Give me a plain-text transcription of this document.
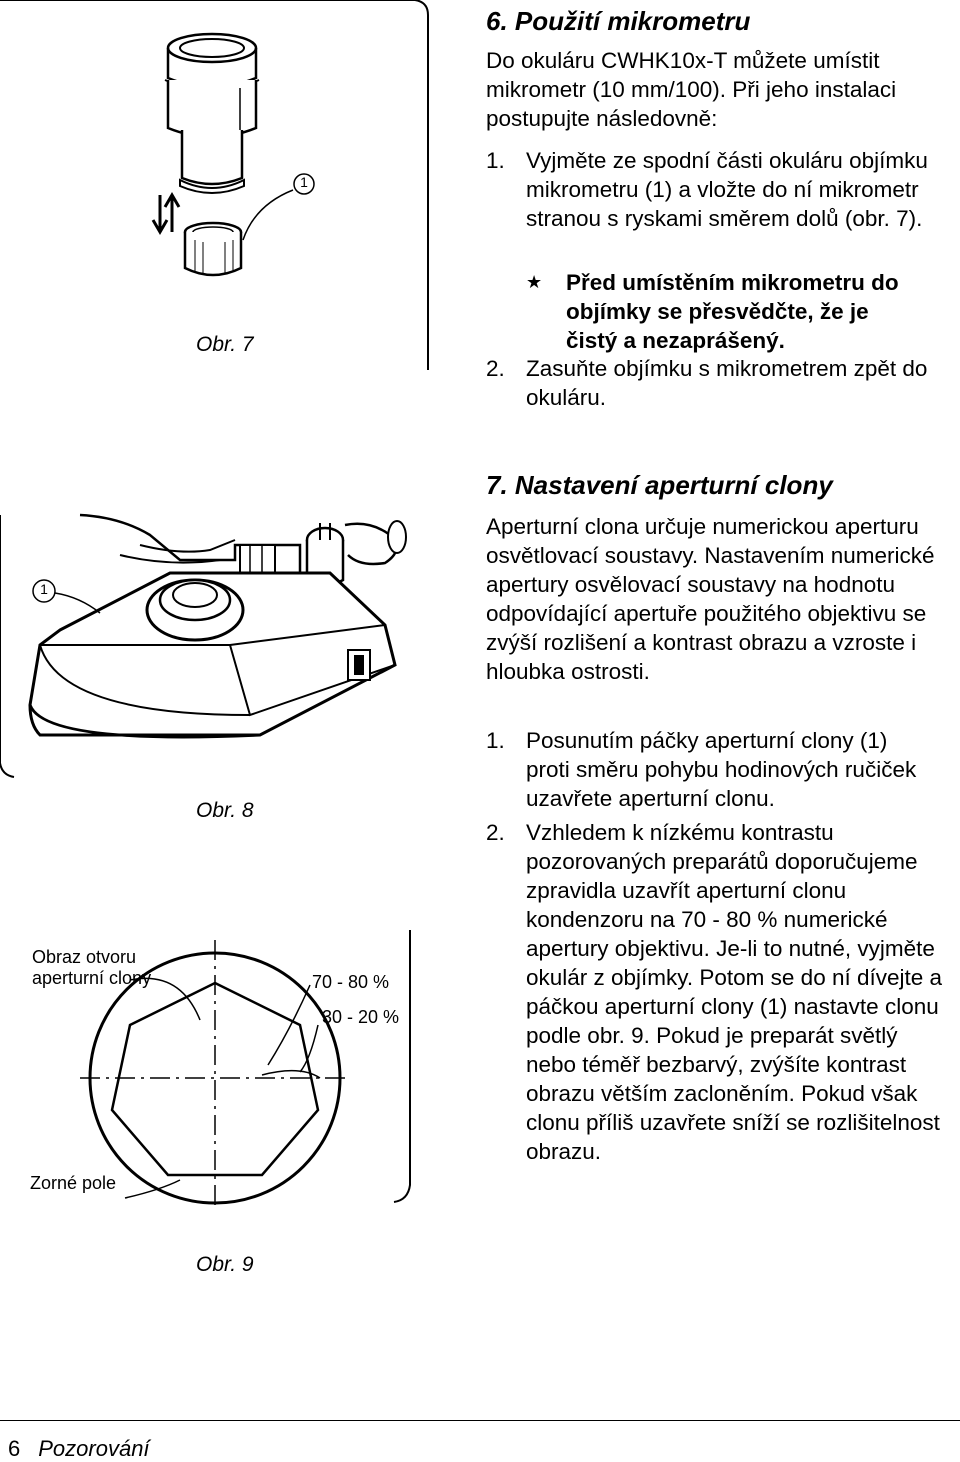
1
Obr. 7
1
Obr. 8
Obraz otvoru
aperturní clony	70 - 80 %
30 - 20 %
Zorné pole
Obr. 9
6. Použití mikrometru

Do okuláru CWHK10x-T můžete umístit mikrometr (10 mm/100). Při jeho instalaci postupujte následovně:

1. Vyjměte ze spodní části okuláru objímku mikrometru (1) a vložte do ní mikrometr stranou s ryskami směrem dolů (obr. 7).
★ Před umístěním mikrometru do objímky se přesvědčte, že je čistý a nezaprášený.
2. Zasuňte objímku s mikrometrem zpět do okuláru.
7. Nastavení aperturní clony

Aperturní clona určuje numerickou aperturu osvětlovací soustavy. Nastavením numerické apertury osvělovací soustavy na hodnotu odpovídající apertuře použitého objektivu se zvýší rozlišení a kontrast obrazu a vzroste i hloubka ostrosti.

1. Posunutím páčky aperturní clony (1) proti směru pohybu hodinových ručiček uzavřete aperturní clonu.
2. Vzhledem k nízkému kontrastu pozorovaných preparátů doporučujeme zpravidla uzavřít aperturní clonu kondenzoru na 70 - 80 % numerické apertury objektivu. Je-li to nutné, vyjměte okulár z objímky. Potom se do ní dívejte a páčkou aperturní clony (1) nastavte clonu podle obr. 9. Pokud je preparát světlý nebo téměř bezbarvý, zvýšíte kontrast obrazu větším zacloněním. Pokud však clonu příliš uzavřete sníží se rozlišitelnost obrazu.
6 Pozorování
